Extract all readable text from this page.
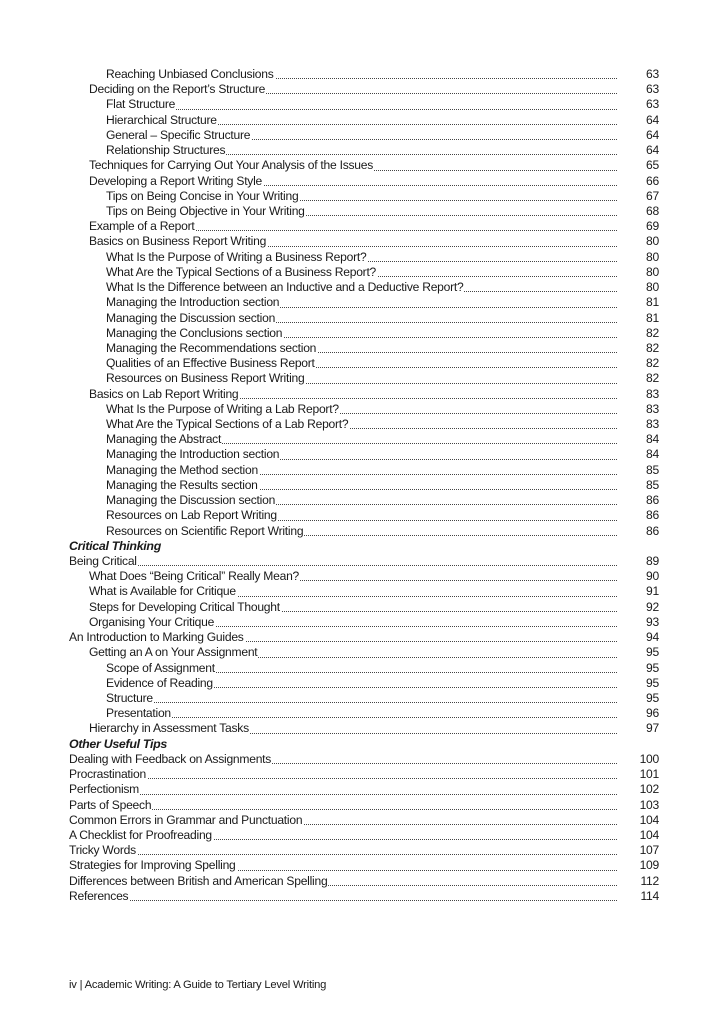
Reaching Unbiased Conclusions	63
Deciding on the Report’s Structure	63
Flat Structure	63
Hierarchical Structure	64
General – Specific Structure	64
Relationship Structures	64
Techniques for Carrying Out Your Analysis of the Issues	65
Developing a Report Writing Style	66
Tips on Being Concise in Your Writing	67
Tips on Being Objective in Your Writing	68
Example of a Report	69
Basics on Business Report Writing	80
What Is the Purpose of Writing a Business Report?	80
What Are the Typical Sections of a Business Report?	80
What Is the Difference between an Inductive and a Deductive Report?	80
Managing the Introduction section	81
Managing the Discussion section	81
Managing the Conclusions section	82
Managing the Recommendations section	82
Qualities of an Effective Business Report	82
Resources on Business Report Writing	82
Basics on Lab Report Writing	83
What Is the Purpose of Writing a Lab Report?	83
What Are the Typical Sections of a Lab Report?	83
Managing the Abstract	84
Managing the Introduction section	84
Managing the Method section	85
Managing the Results section	85
Managing the Discussion section	86
Resources on Lab Report Writing	86
Resources on Scientific Report Writing	86
Critical Thinking
Being Critical	89
What Does “Being Critical” Really Mean?	90
What is Available for Critique	91
Steps for Developing Critical Thought	92
Organising Your Critique	93
An Introduction to Marking Guides	94
Getting an A on Your Assignment	95
Scope of Assignment	95
Evidence of Reading	95
Structure	95
Presentation	96
Hierarchy in Assessment Tasks	97
Other Useful Tips
Dealing with Feedback on Assignments	100
Procrastination	101
Perfectionism	102
Parts of Speech	103
Common Errors in Grammar and Punctuation	104
A Checklist for Proofreading	104
Tricky Words	107
Strategies for Improving Spelling	109
Differences between British and American Spelling	112
References	114
iv | Academic Writing: A Guide to Tertiary Level Writing
